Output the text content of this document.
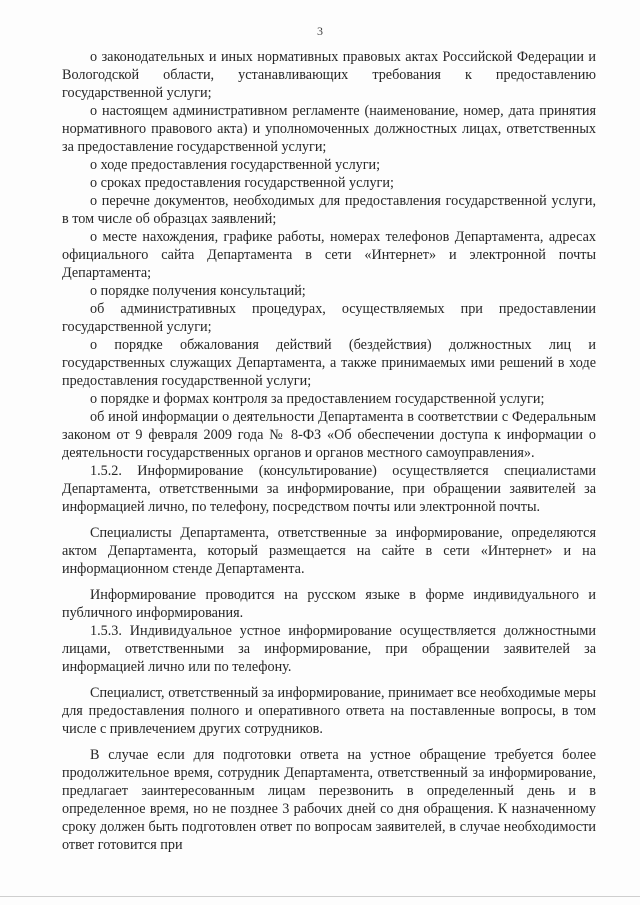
3

о законодательных и иных нормативных правовых актах Российской Федерации и Вологодской области, устанавливающих требования к предоставлению государственной услуги;

о настоящем административном регламенте (наименование, номер, дата принятия нормативного правового акта) и уполномоченных должностных лицах, ответственных за предоставление государственной услуги;

о ходе предоставления государственной услуги;

о сроках предоставления государственной услуги;

о перечне документов, необходимых для предоставления государственной услуги, в том числе об образцах заявлений;

о месте нахождения, графике работы, номерах телефонов Департамента, адресах официального сайта Департамента в сети «Интернет» и электронной почты Департамента;

о порядке получения консультаций;

об административных процедурах, осуществляемых при предоставлении государственной услуги;

о порядке обжалования действий (бездействия) должностных лиц и государственных служащих Департамента, а также принимаемых ими решений в ходе предоставления государственной услуги;

о порядке и формах контроля за предоставлением государственной услуги;

об иной информации о деятельности Департамента в соответствии с Федеральным законом от 9 февраля 2009 года № 8-ФЗ «Об обеспечении доступа к информации о деятельности государственных органов и органов местного самоуправления».

1.5.2. Информирование (консультирование) осуществляется специалистами Департамента, ответственными за информирование, при обращении заявителей за информацией лично, по телефону, посредством почты или электронной почты.

Специалисты Департамента, ответственные за информирование, определяются актом Департамента, который размещается на сайте в сети «Интернет» и на информационном стенде Департамента.

Информирование проводится на русском языке в форме индивидуального и публичного информирования.

1.5.3. Индивидуальное устное информирование осуществляется должностными лицами, ответственными за информирование, при обращении заявителей за информацией лично или по телефону.

Специалист, ответственный за информирование, принимает все необходимые меры для предоставления полного и оперативного ответа на поставленные вопросы, в том числе с привлечением других сотрудников.

В случае если для подготовки ответа на устное обращение требуется более продолжительное время, сотрудник Департамента, ответственный за информирование, предлагает заинтересованным лицам перезвонить в определенный день и в определенное время, но не позднее 3 рабочих дней со дня обращения. К назначенному сроку должен быть подготовлен ответ по вопросам заявителей, в случае необходимости ответ готовится при
